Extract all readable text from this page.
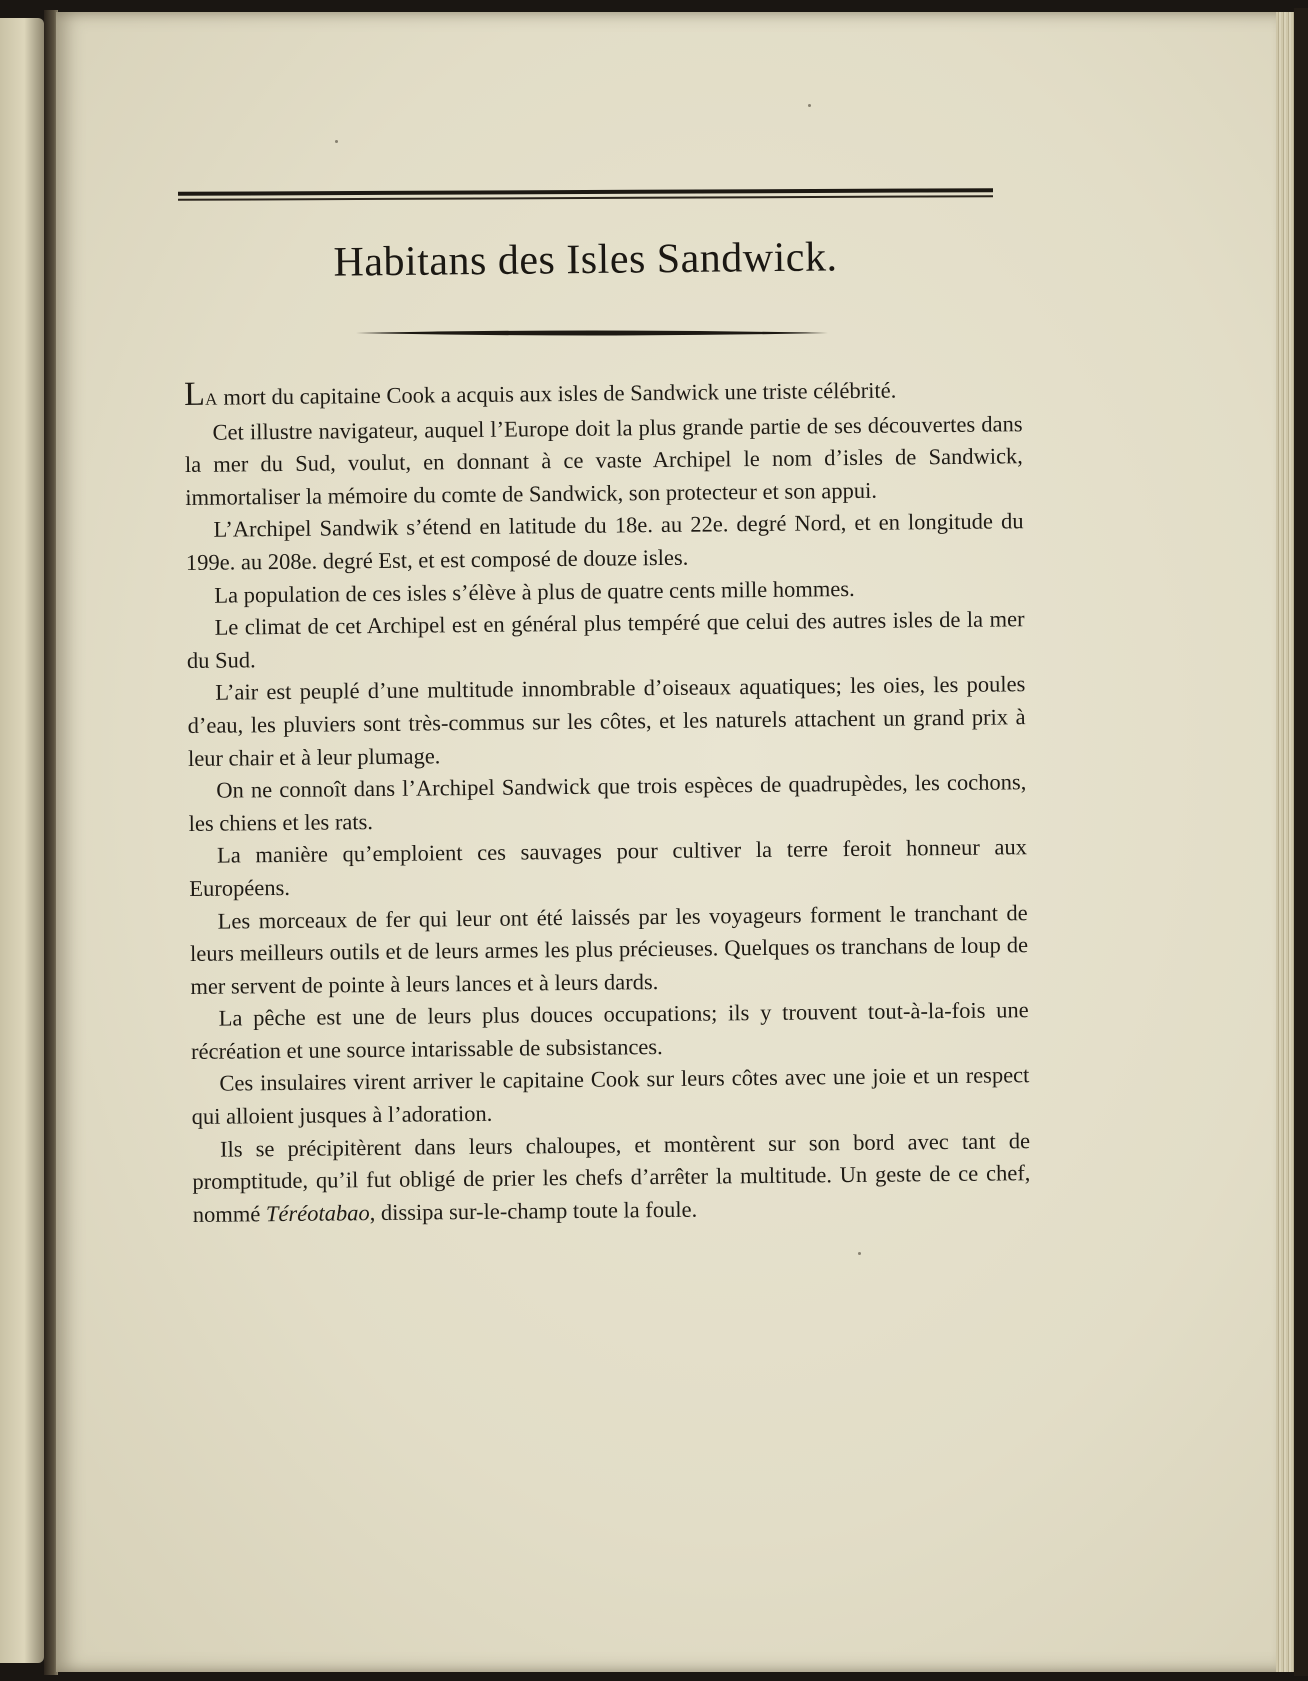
Habitans des Isles Sandwick.

LA mort du capitaine Cook a acquis aux isles de Sandwick une triste célébrité.

Cet illustre navigateur, auquel l’Europe doit la plus grande partie de ses découvertes dans la mer du Sud, voulut, en donnant à ce vaste Archipel le nom d’isles de Sandwick, immortaliser la mémoire du comte de Sandwick, son protecteur et son appui.

L’Archipel Sandwik s’étend en latitude du 18e. au 22e. degré Nord, et en longitude du 199e. au 208e. degré Est, et est composé de douze isles.

La population de ces isles s’élève à plus de quatre cents mille hommes.

Le climat de cet Archipel est en général plus tempéré que celui des autres isles de la mer du Sud.

L’air est peuplé d’une multitude innombrable d’oiseaux aquatiques; les oies, les poules d’eau, les pluviers sont très-commus sur les côtes, et les naturels attachent un grand prix à leur chair et à leur plumage.

On ne connoît dans l’Archipel Sandwick que trois espèces de quadrupèdes, les cochons, les chiens et les rats.

La manière qu’emploient ces sauvages pour cultiver la terre feroit honneur aux Européens.

Les morceaux de fer qui leur ont été laissés par les voyageurs forment le tranchant de leurs meilleurs outils et de leurs armes les plus précieuses. Quelques os tranchans de loup de mer servent de pointe à leurs lances et à leurs dards.

La pêche est une de leurs plus douces occupations; ils y trouvent tout-à-la-fois une récréation et une source intarissable de subsistances.

Ces insulaires virent arriver le capitaine Cook sur leurs côtes avec une joie et un respect qui alloient jusques à l’adoration.

Ils se précipitèrent dans leurs chaloupes, et montèrent sur son bord avec tant de promptitude, qu’il fut obligé de prier les chefs d’arrêter la multitude. Un geste de ce chef, nommé Téréotabao, dissipa sur-le-champ toute la foule.
